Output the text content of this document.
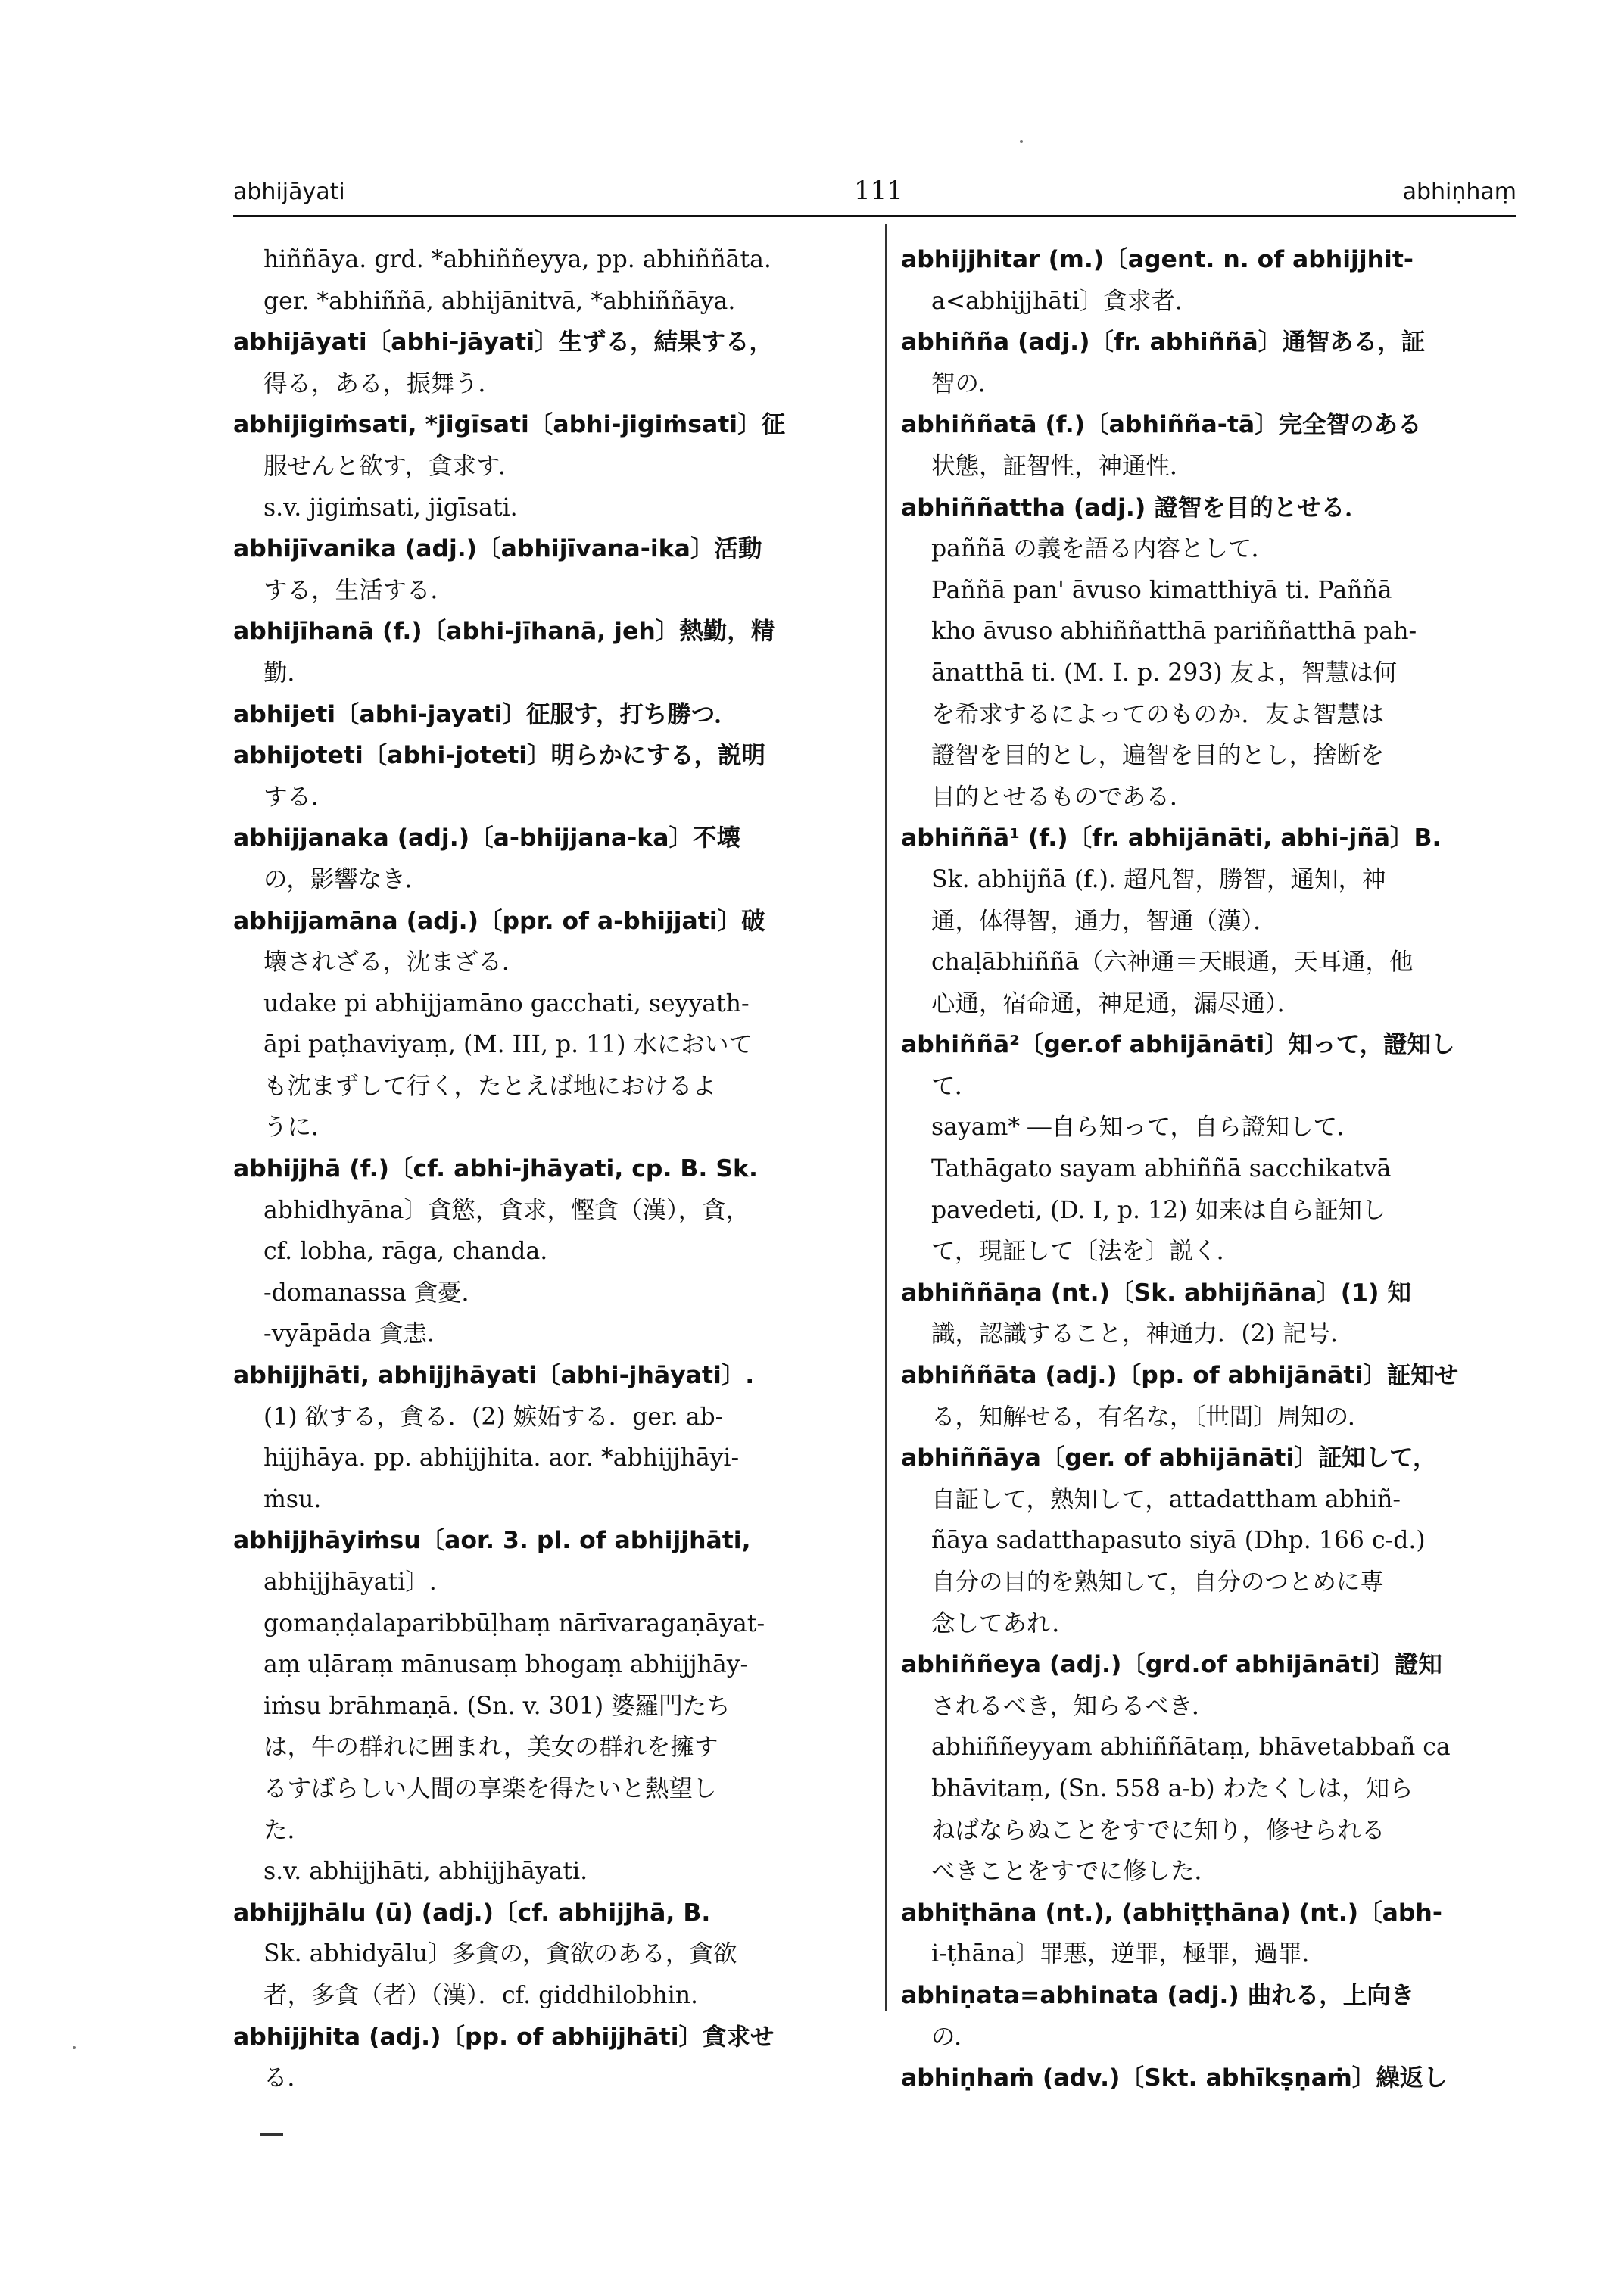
abhijāyati	111	abhiṇhaṃ
hiññāya. grd. *abhiññeyya, pp. abhiññāta.
ger. *abhiññā, abhijānitvā, *abhiññāya.
abhijāyati〔abhi-jāyati〕生ずる，結果する，
得る，ある，振舞う．
abhijigiṁsati, *jigīsati〔abhi-jigiṁsati〕征
服せんと欲す，貪求す．
s.v. jigiṁsati, jigīsati.
abhijīvanika (adj.)〔abhijīvana-ika〕活動
する，生活する．
abhijīhanā (f.)〔abhi-jīhanā, jeh〕熱勤，精
勤．
abhijeti〔abhi-jayati〕征服す，打ち勝つ．
abhijoteti〔abhi-joteti〕明らかにする，説明
する．
abhijjanaka (adj.)〔a-bhijjana-ka〕不壊
の，影響なき．
abhijjamāna (adj.)〔ppr. of a-bhijjati〕破
壊されざる，沈まざる．
udake pi abhijjamāno gacchati, seyyath-
āpi paṭhaviyaṃ, (M. III, p. 11) 水において
も沈まずして行く，たとえば地におけるよ
うに．
abhijjhā (f.)〔cf. abhi-jhāyati, cp. B. Sk.
abhidhyāna〕貪慾，貪求，慳貪（漢），貪，
cf. lobha, rāga, chanda.
-domanassa 貪憂．
-vyāpāda 貪恚．
abhijjhāti, abhijjhāyati〔abhi-jhāyati〕.
(1) 欲する，貪る．(2) 嫉妬する．ger. ab-
hijjhāya. pp. abhijjhita. aor. *abhijjhāyi-
ṁsu.
abhijjhāyiṁsu〔aor. 3. pl. of abhijjhāti,
abhijjhāyati〕.
gomaṇḍalaparibbūḷhaṃ nārīvaragaṇāyat-
aṃ uḷāraṃ mānusaṃ bhogaṃ abhijjhāy-
iṁsu brāhmaṇā. (Sn. v. 301) 婆羅門たち
は，牛の群れに囲まれ，美女の群れを擁す
るすばらしい人間の享楽を得たいと熱望し
た．
s.v. abhijjhāti, abhijjhāyati.
abhijjhālu (ū) (adj.)〔cf. abhijjhā, B.
Sk. abhidyālu〕多貪の，貪欲のある，貪欲
者，多貪（者）（漢）．cf. giddhilobhin.
abhijjhita (adj.)〔pp. of abhijjhāti〕貪求せ
る．
abhijjhitar (m.)〔agent. n. of abhijjhit-
a<abhijjhāti〕貪求者．
abhiñña (adj.)〔fr. abhiññā〕通智ある，証
智の．
abhiññatā (f.)〔abhiñña-tā〕完全智のある
状態，証智性，神通性．
abhiññattha (adj.) 證智を目的とせる．
paññā の義を語る内容として．
Paññā pan' āvuso kimatthiyā ti. Paññā
kho āvuso abhiññatthā pariññatthā pah-
ānatthā ti. (M. I. p. 293) 友よ，智慧は何
を希求するによってのものか．友よ智慧は
證智を目的とし，遍智を目的とし，捨断を
目的とせるものである．
abhiññā¹ (f.)〔fr. abhijānāti, abhi-jñā〕B.
Sk. abhijñā (f.). 超凡智，勝智，通知，神
通，体得智，通力，智通（漢）．
chaḷābhiññā（六神通＝天眼通，天耳通，他
心通，宿命通，神足通，漏尽通）．
abhiññā²〔ger.of abhijānāti〕知って，證知し
て．
sayam* ―自ら知って，自ら證知して．
Tathāgato sayam abhiññā sacchikatvā
pavedeti, (D. I, p. 12) 如来は自ら証知し
て，現証して〔法を〕説く．
abhiññāṇa (nt.)〔Sk. abhijñāna〕(1) 知
識，認識すること，神通力．(2) 記号．
abhiññāta (adj.)〔pp. of abhijānāti〕証知せ
る，知解せる，有名な，〔世間〕周知の．
abhiññāya〔ger. of abhijānāti〕証知して，
自証して，熟知して，attadattham abhiñ-
ñāya sadatthapasuto siyā (Dhp. 166 c-d.)
自分の目的を熟知して，自分のつとめに専
念してあれ．
abhiññeya (adj.)〔grd.of abhijānāti〕證知
されるべき，知らるべき．
abhiññeyyam abhiññātaṃ, bhāvetabbañ ca
bhāvitaṃ, (Sn. 558 a-b) わたくしは，知ら
ねばならぬことをすでに知り，修せられる
べきことをすでに修した．
abhiṭhāna (nt.), (abhiṭṭhāna) (nt.)〔abh-
i-ṭhāna〕罪悪，逆罪，極罪，過罪．
abhiṇata=abhinata (adj.) 曲れる，上向き
の．
abhiṇhaṁ (adv.)〔Skt. abhīkṣṇaṁ〕繰返し
